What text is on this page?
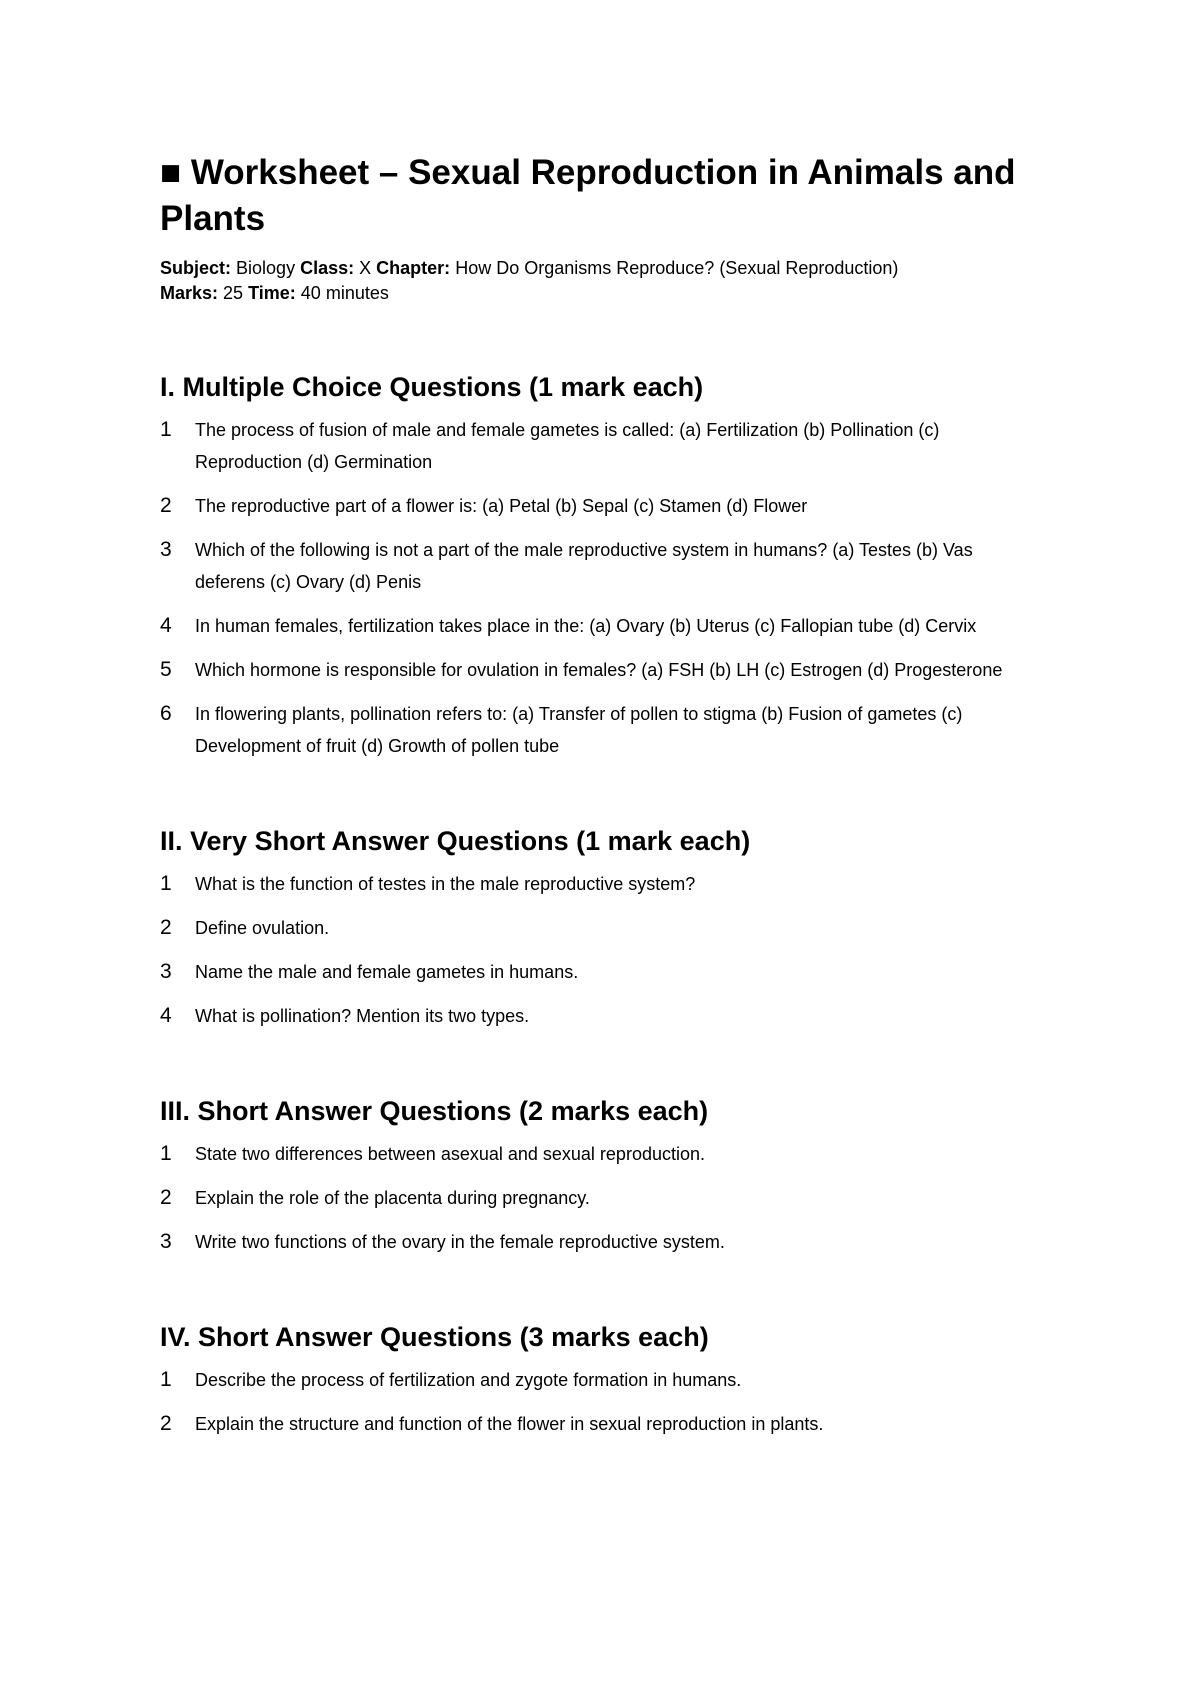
■ Worksheet – Sexual Reproduction in Animals and Plants
Subject: Biology Class: X Chapter: How Do Organisms Reproduce? (Sexual Reproduction)
Marks: 25 Time: 40 minutes
I. Multiple Choice Questions (1 mark each)
1	The process of fusion of male and female gametes is called: (a) Fertilization (b) Pollination (c) Reproduction (d) Germination
2	The reproductive part of a flower is: (a) Petal (b) Sepal (c) Stamen (d) Flower
3	Which of the following is not a part of the male reproductive system in humans? (a) Testes (b) Vas deferens (c) Ovary (d) Penis
4	In human females, fertilization takes place in the: (a) Ovary (b) Uterus (c) Fallopian tube (d) Cervix
5	Which hormone is responsible for ovulation in females? (a) FSH (b) LH (c) Estrogen (d) Progesterone
6	In flowering plants, pollination refers to: (a) Transfer of pollen to stigma (b) Fusion of gametes (c) Development of fruit (d) Growth of pollen tube
II. Very Short Answer Questions (1 mark each)
1	What is the function of testes in the male reproductive system?
2	Define ovulation.
3	Name the male and female gametes in humans.
4	What is pollination? Mention its two types.
III. Short Answer Questions (2 marks each)
1	State two differences between asexual and sexual reproduction.
2	Explain the role of the placenta during pregnancy.
3	Write two functions of the ovary in the female reproductive system.
IV. Short Answer Questions (3 marks each)
1	Describe the process of fertilization and zygote formation in humans.
2	Explain the structure and function of the flower in sexual reproduction in plants.
